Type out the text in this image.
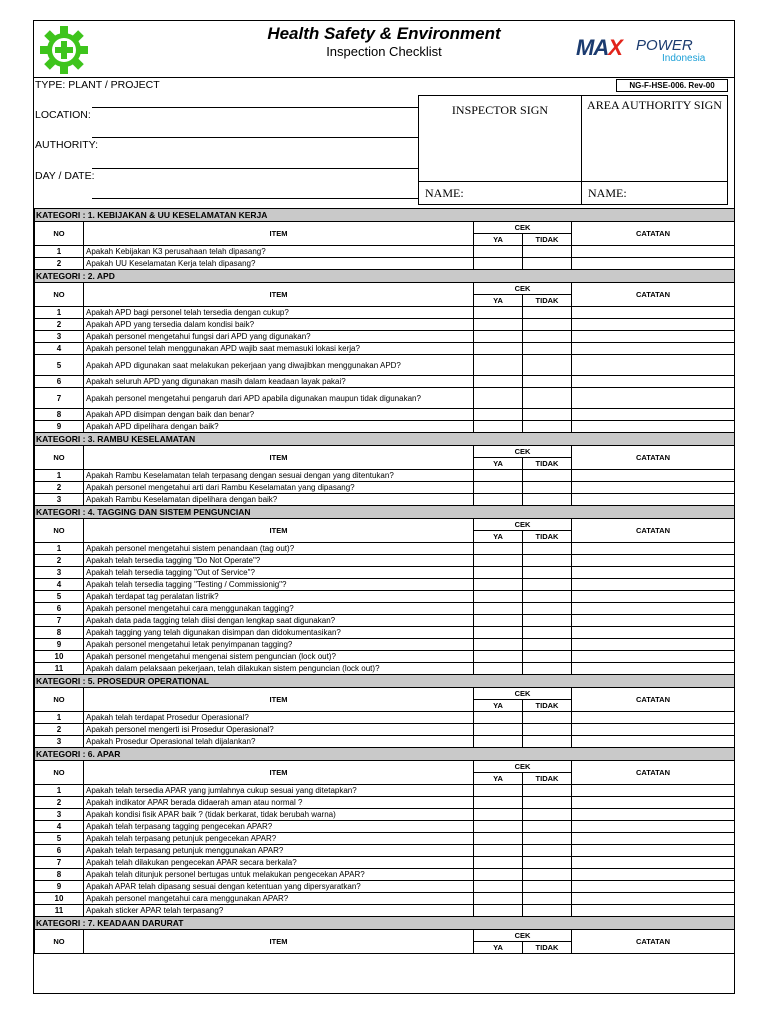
Health Safety & Environment
Inspection Checklist	MAX POWER
Indonesia
TYPE: PLANT / PROJECT	NG-F-HSE-006. Rev-00
LOCATION:
AUTHORITY:
DAY / DATE:
INSPECTOR SIGN
NAME:
AREA AUTHORITY SIGN
NAME:
KATEGORI : 1. KEBIJAKAN & UU KESELAMATAN KERJA				
NO	ITEM	CEK		CATATAN
		YA	TIDAK	
1	Apakah Kebijakan K3 perusahaan telah dipasang?			
2	Apakah UU Keselamatan Kerja telah dipasang?			
KATEGORI : 2. APD				
NO	ITEM	CEK		CATATAN
		YA	TIDAK	
1	Apakah APD bagi personel telah tersedia dengan cukup?			
2	Apakah APD yang tersedia dalam kondisi baik?			
3	Apakah personel mengetahui fungsi dari APD yang digunakan?			
4	Apakah personel telah menggunakan APD wajib saat memasuki lokasi kerja?			
5	Apakah APD digunakan saat melakukan pekerjaan yang diwajibkan menggunakan APD?			
6	Apakah seluruh APD yang digunakan masih dalam keadaan layak pakai?			
7	Apakah personel mengetahui pengaruh dari APD apabila digunakan maupun tidak digunakan?			
8	Apakah APD disimpan dengan baik dan benar?			
9	Apakah APD dipelihara dengan baik?			
KATEGORI : 3. RAMBU KESELAMATAN				
NO	ITEM	CEK		CATATAN
		YA	TIDAK	
1	Apakah Rambu Keselamatan telah terpasang dengan sesuai dengan yang ditentukan?			
2	Apakah personel mengetahui arti dari Rambu Keselamatan yang dipasang?			
3	Apakah Rambu Keselamatan dipelihara dengan baik?			
KATEGORI : 4. TAGGING DAN SISTEM PENGUNCIAN				
NO	ITEM	CEK		CATATAN
		YA	TIDAK	
1	Apakah personel mengetahui sistem penandaan (tag out)?			
2	Apakah telah tersedia tagging "Do Not Operate"?			
3	Apakah telah tersedia tagging "Out of Service"?			
4	Apakah telah tersedia tagging "Testing / Commissionig"?			
5	Apakah terdapat tag peralatan listrik?			
6	Apakah personel mengetahui cara menggunakan tagging?			
7	Apakah data pada tagging telah diisi dengan lengkap saat digunakan?			
8	Apakah tagging yang telah digunakan disimpan dan didokumentasikan?			
9	Apakah personel mengetahui letak penyimpanan tagging?			
10	Apakah personel mengetahui mengenai sistem penguncian (lock out)?			
11	Apakah dalam pelaksaan pekerjaan, telah dilakukan sistem penguncian (lock out)?			
KATEGORI : 5. PROSEDUR OPERATIONAL				
NO	ITEM	CEK		CATATAN
		YA	TIDAK	
1	Apakah telah terdapat Prosedur Operasional?			
2	Apakah personel mengerti isi Prosedur Operasional?			
3	Apakah Prosedur Operasional telah dijalankan?			
KATEGORI : 6. APAR				
NO	ITEM	CEK		CATATAN
		YA	TIDAK	
1	Apakah telah tersedia APAR yang jumlahnya cukup sesuai yang ditetapkan?			
2	Apakah indikator APAR berada didaerah aman atau normal ?			
3	Apakah kondisi fisik APAR baik ? (tidak berkarat, tidak berubah warna)			
4	Apakah telah terpasang tagging pengecekan APAR?			
5	Apakah telah terpasang petunjuk pengecekan APAR?			
6	Apakah telah terpasang petunjuk menggunakan APAR?			
7	Apakah telah dilakukan pengecekan APAR secara berkala?			
8	Apakah telah ditunjuk personel bertugas untuk melakukan pengecekan APAR?			
9	Apakah APAR telah dipasang sesuai dengan ketentuan yang dipersyaratkan?			
10	Apakah personel mangetahui cara menggunakan APAR?			
11	Apakah sticker APAR telah terpasang?			
KATEGORI : 7. KEADAAN DARURAT				
NO	ITEM	CEK		CATATAN
		YA	TIDAK	
